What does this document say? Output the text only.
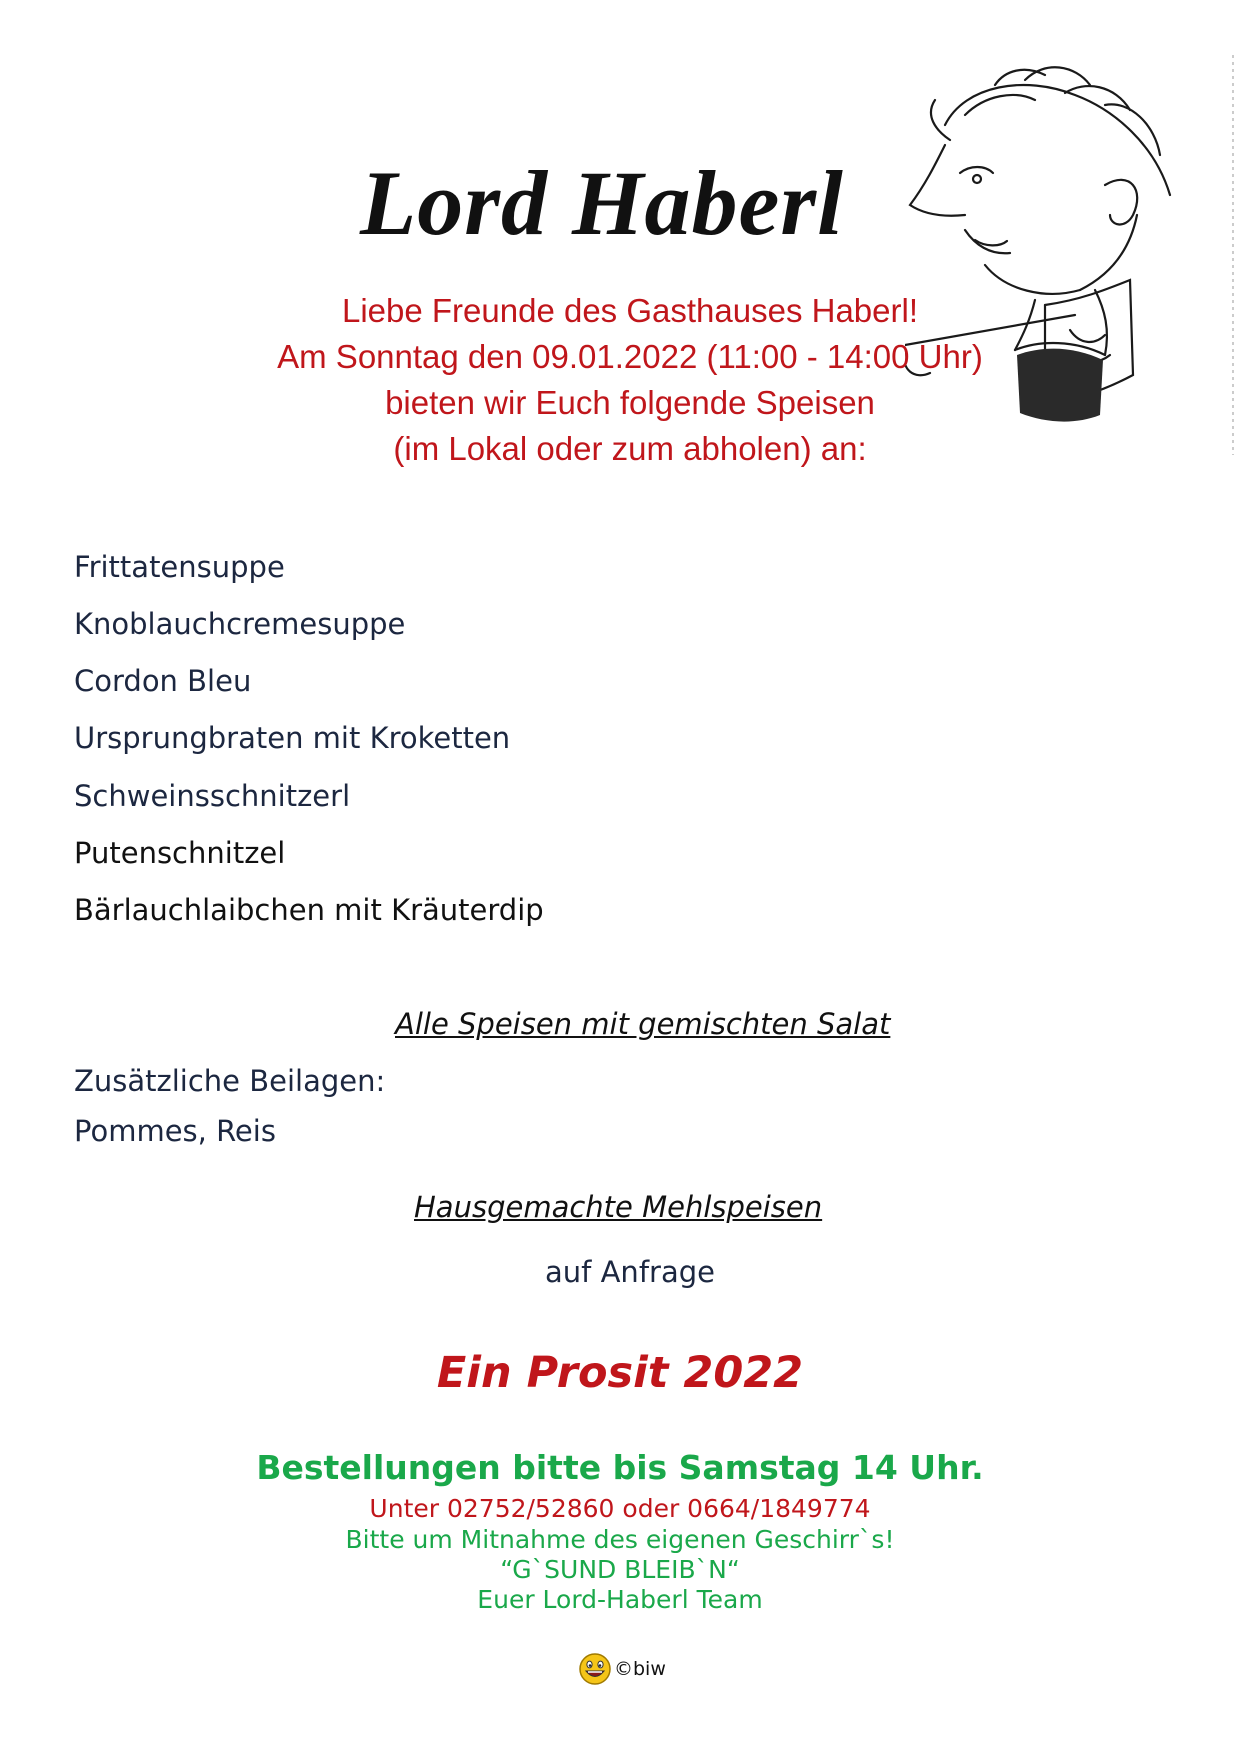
Lord Haberl
Liebe Freunde des Gasthauses Haberl!
Am Sonntag den 09.01.2022 (11:00 - 14:00 Uhr)
bieten wir Euch folgende Speisen
(im Lokal oder zum abholen) an:
Frittatensuppe
Knoblauchcremesuppe
Cordon Bleu
Ursprungbraten mit Kroketten
Schweinsschnitzerl
Putenschnitzel
Bärlauchlaibchen mit Kräuterdip
Alle Speisen mit gemischten Salat
Zusätzliche Beilagen:
Pommes, Reis
Hausgemachte Mehlspeisen
auf Anfrage
Ein Prosit 2022
Bestellungen bitte bis Samstag 14 Uhr.
Unter 02752/52860 oder 0664/1849774
Bitte um Mitnahme des eigenen Geschirr`s!
“G`SUND BLEIB`N“
Euer Lord-Haberl Team
©biw
